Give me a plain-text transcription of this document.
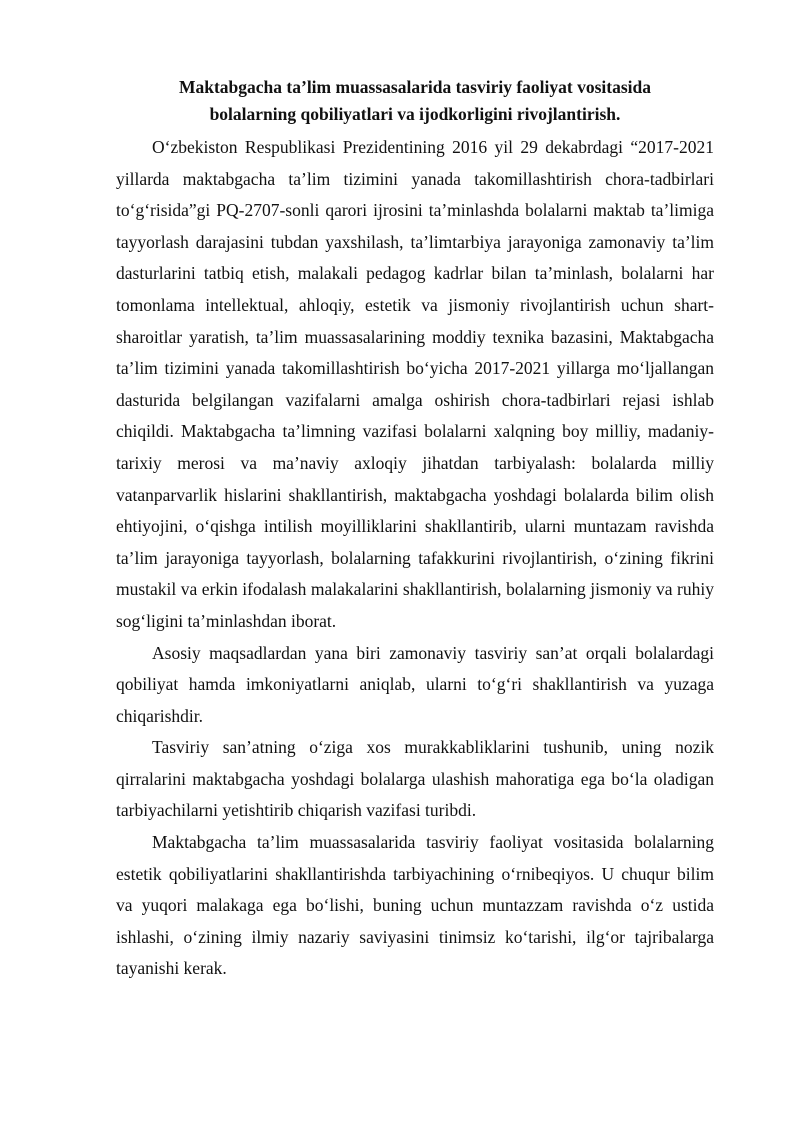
Maktabgacha ta’lim muassasalarida tasviriy faoliyat vositasida
bolalarning qobiliyatlari va ijodkorligini rivojlantirish.

O‘zbekiston Respublikasi Prezidentining 2016 yil 29 dekabrdagi “2017-2021 yillarda maktabgacha ta’lim tizimini yanada takomillashtirish chora-tadbirlari to‘g‘risida”gi PQ-2707-sonli qarori ijrosini ta’minlashda bolalarni maktab ta’limiga tayyorlash darajasini tubdan yaxshilash, ta’limtarbiya jarayoniga zamonaviy ta’lim dasturlarini tatbiq etish, malakali pedagog kadrlar bilan ta’minlash, bolalarni har tomonlama intellektual, ahloqiy, estetik va jismoniy rivojlantirish uchun shart-sharoitlar yaratish, ta’lim muassasalarining moddiy texnika bazasini, Maktabgacha ta’lim tizimini yanada takomillashtirish bo‘yicha 2017-2021 yillarga mo‘ljallangan dasturida belgilangan vazifalarni amalga oshirish chora-tadbirlari rejasi ishlab chiqildi. Maktabgacha ta’limning vazifasi bolalarni xalqning boy milliy, madaniy-tarixiy merosi va ma’naviy axloqiy jihatdan tarbiyalash: bolalarda milliy vatanparvarlik hislarini shakllantirish, maktabgacha yoshdagi bolalarda bilim olish ehtiyojini, o‘qishga intilish moyilliklarini shakllantirib, ularni muntazam ravishda ta’lim jarayoniga tayyorlash, bolalarning tafakkurini rivojlantirish, o‘zining fikrini mustakil va erkin ifodalash malakalarini shakllantirish, bolalarning jismoniy va ruhiy sog‘ligini ta’minlashdan iborat.

Asosiy maqsadlardan yana biri zamonaviy tasviriy san’at orqali bolalardagi qobiliyat hamda imkoniyatlarni aniqlab, ularni to‘g‘ri shakllantirish va yuzaga chiqarishdir.

Tasviriy san’atning o‘ziga xos murakkabliklarini tushunib, uning nozik qirralarini maktabgacha yoshdagi bolalarga ulashish mahoratiga ega bo‘la oladigan tarbiyachilarni yetishtirib chiqarish vazifasi turibdi.

Maktabgacha ta’lim muassasalarida tasviriy faoliyat vositasida bolalarning estetik qobiliyatlarini shakllantirishda tarbiyachining o‘rnibeqiyos. U chuqur bilim va yuqori malakaga ega bo‘lishi, buning uchun muntazzam ravishda o‘z ustida ishlashi, o‘zining ilmiy nazariy saviyasini tinimsiz ko‘tarishi, ilg‘or tajribalarga tayanishi kerak.
